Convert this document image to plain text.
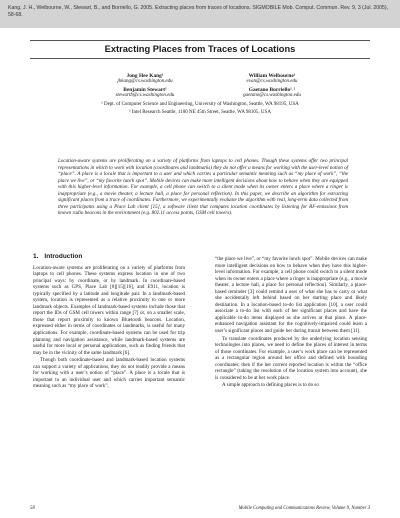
Kang, J. H., Welbourne, W., Stewart, B., and Borriello, G. 2005. Extracting places from traces of locations. SIGMOBILE Mob. Comput. Commun. Rev. 9, 3 (Jul. 2005), 58-68.
Extracting Places from Traces of Locations
Jong Hee Kang¹
jhkang@cs.washington.edu
William Welbourne¹
evan@cs.washington.edu
Benjamin Stewart¹
stewartb@cs.washington.edu
Gaetano Borriello¹˒²
gaetano@cs.washington.edu
¹ Dept. of Computer Science and Engineering, University of Washington, Seattle, WA 98195, USA
² Intel Research Seattle, 1100 NE 45th Street, Seattle, WA 98105, USA

Location-aware systems are proliferating on a variety of platforms from laptops to cell phones. Though these systems offer two principal representations in which to work with location (coordinates and landmarks) they do not offer a means for working with the user-level notion of “place”. A place is a locale that is important to a user and which carries a particular semantic meaning such as “my place of work”, “the place we live”, or “my favorite lunch spot”. Mobile devices can make more intelligent decisions about how to behave when they are equipped with this higher-level information. For example, a cell phone can switch to a silent mode when its owner enters a place where a ringer is inappropriate (e.g., a movie theater, a lecture hall, a place for personal reflection). In this paper, we describe an algorithm for extracting significant places from a trace of coordinates. Furthermore, we experimentally evaluate the algorithm with real, long-term data collected from three participants using a Place Lab client [15], a software client that computes location coordinates by listening for RF-emissions from known radio beacons in the environment (e.g. 802.11 access points, GSM cell towers).

1. Introduction

Location-aware systems are proliferating on a variety of platforms from laptops to cell phones. These systems express location in one of two principal ways: by coordinate, or by landmark. In coordinate-based systems such as GPS, Place Lab [8][15][16], and E911, location is typically specified by a latitude and longitude pair. In a landmark-based system, location is represented as a relative proximity to one or more landmark objects. Examples of landmark-based systems include those that report the IDs of GSM cell towers within range [7] or, on a smaller scale, those that report proximity to known Bluetooth beacons. Location, expressed either in terms of coordinates or landmarks, is useful for many applications. For example, coordinate-based systems can be used for trip planning and navigation assistance, while landmark-based systems are useful for more local or personal applications, such as finding friends that may be in the vicinity of the same landmark [6].

Though both coordinate-based and landmark-based location systems can support a variety of applications, they do not readily provide a means for working with a user’s notion of “place”. A place is a locale that is important to an individual user and which carries important semantic meaning such as “my place of work”,

“the place we live”, or “my favorite lunch spot”. Mobile devices can make more intelligent decisions on how to behave when they have this higher-level information. For example, a cell phone could switch to a silent mode when its owner enters a place where a ringer is inappropriate (e.g., a movie theater, a lecture hall, a place for personal reflection). Similarly, a place-based reminder [3] could remind a user of what she has to carry or what she accidentally left behind based on her starting place and likely destination. In a location-based to-do list application [10], a user could associate a to-do list with each of her significant places and have the applicable to-do items displayed as she arrives at that place. A place-enhanced navigation assistant for the cognitively-impaired could learn a user’s significant places and guide her during transit between them [11].

To translate coordinates produced by the underlying location sensing technologies into places, we need to define the places of interest in terms of those coordinates. For example, a user’s work place can be represented as a rectangular region around her office and defined with bounding coordinates; then if the her current reported location is within the “office rectangle” (taking the resolution of the location system into account), she is considered to be at her work place.

A simple approach to defining places is to do so

58	Mobile Computing and Communications Review, Volume 9, Number 3
